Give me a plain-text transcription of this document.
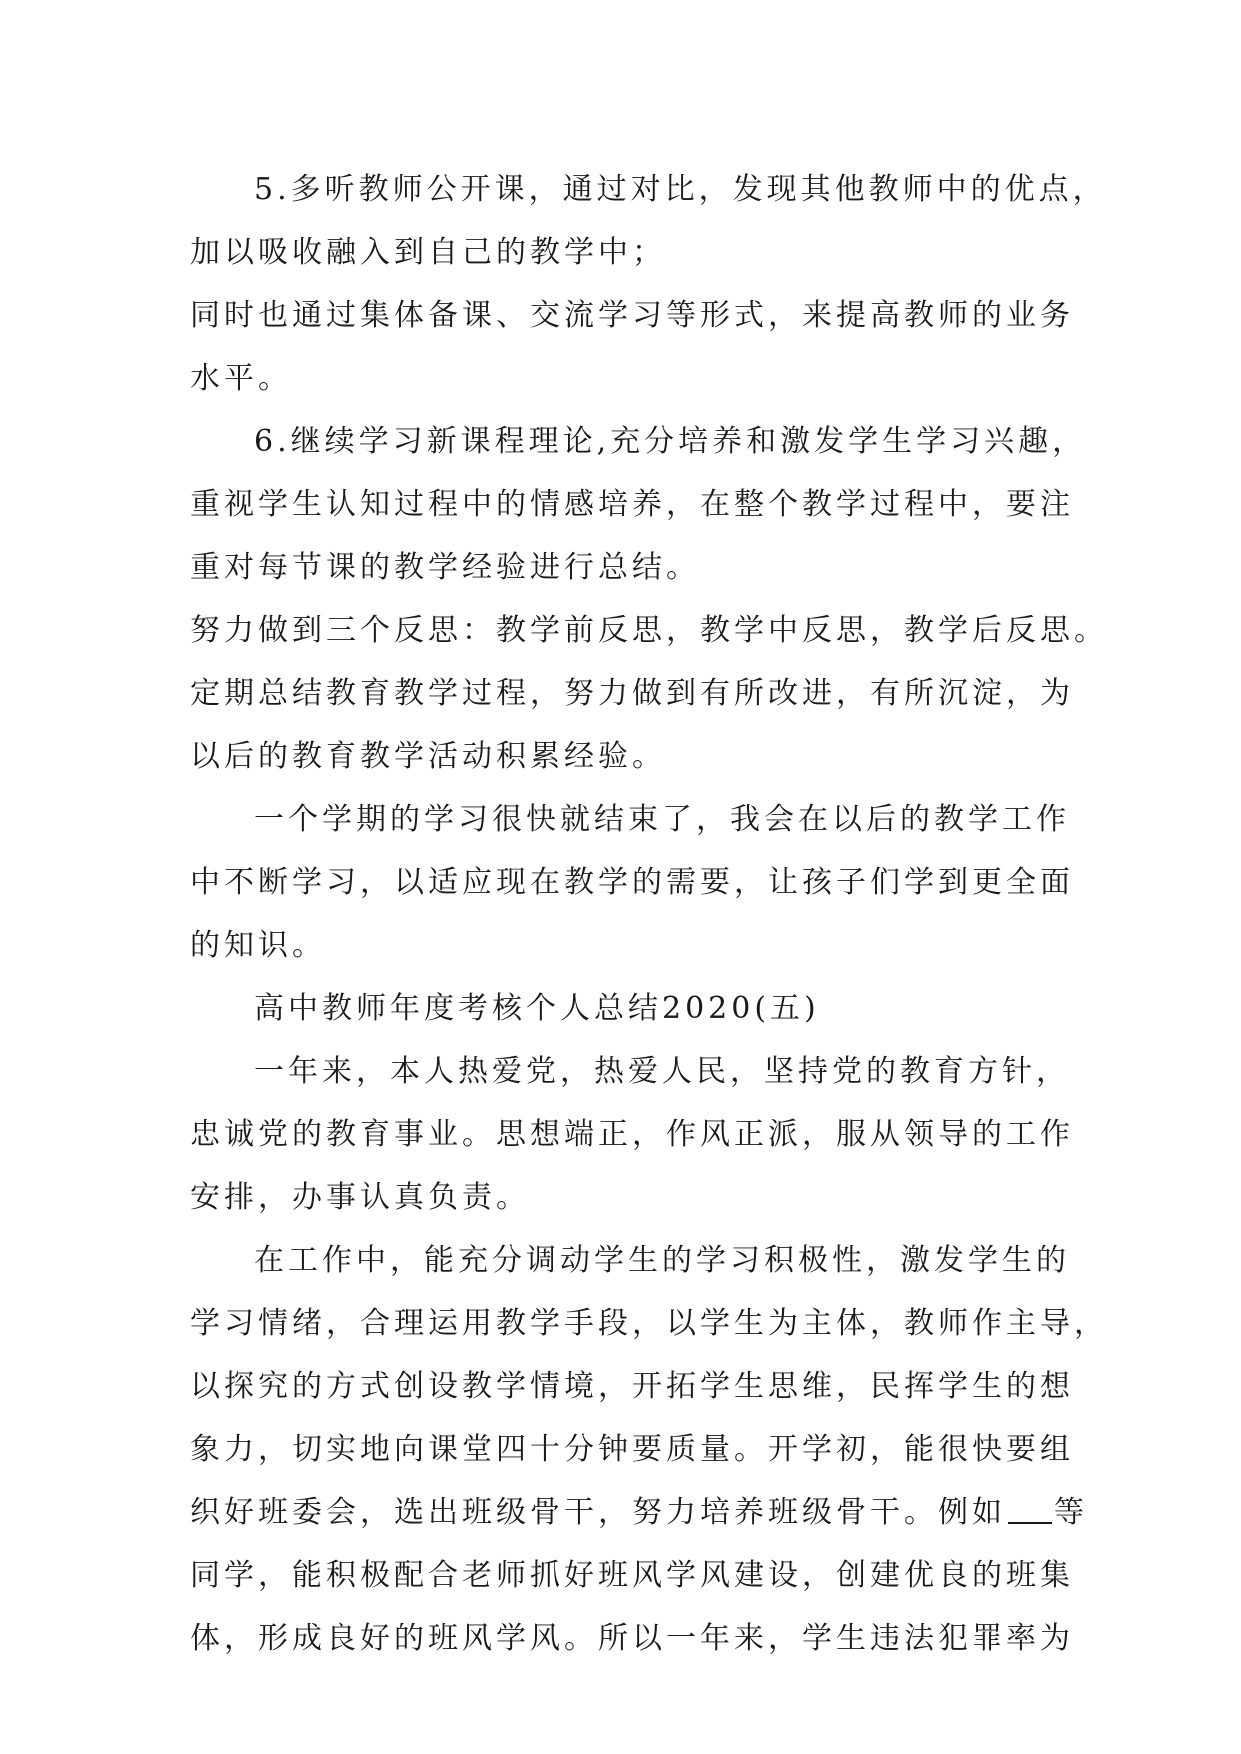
5.多听教师公开课，通过对比，发现其他教师中的优点，
加以吸收融入到自己的教学中；
同时也通过集体备课、交流学习等形式，来提高教师的业务
水平。
6.继续学习新课程理论,充分培养和激发学生学习兴趣，
重视学生认知过程中的情感培养，在整个教学过程中，要注
重对每节课的教学经验进行总结。
努力做到三个反思：教学前反思，教学中反思，教学后反思。
定期总结教育教学过程，努力做到有所改进，有所沉淀，为
以后的教育教学活动积累经验。
一个学期的学习很快就结束了，我会在以后的教学工作
中不断学习，以适应现在教学的需要，让孩子们学到更全面
的知识。
高中教师年度考核个人总结2020(五)
一年来，本人热爱党，热爱人民，坚持党的教育方针，
忠诚党的教育事业。思想端正，作风正派，服从领导的工作
安排，办事认真负责。
在工作中，能充分调动学生的学习积极性，激发学生的
学习情绪，合理运用教学手段，以学生为主体，教师作主导，
以探究的方式创设教学情境，开拓学生思维，民挥学生的想
象力，切实地向课堂四十分钟要质量。开学初，能很快要组
织好班委会，选出班级骨干，努力培养班级骨干。例如 等
同学，能积极配合老师抓好班风学风建设，创建优良的班集
体，形成良好的班风学风。所以一年来，学生违法犯罪率为
